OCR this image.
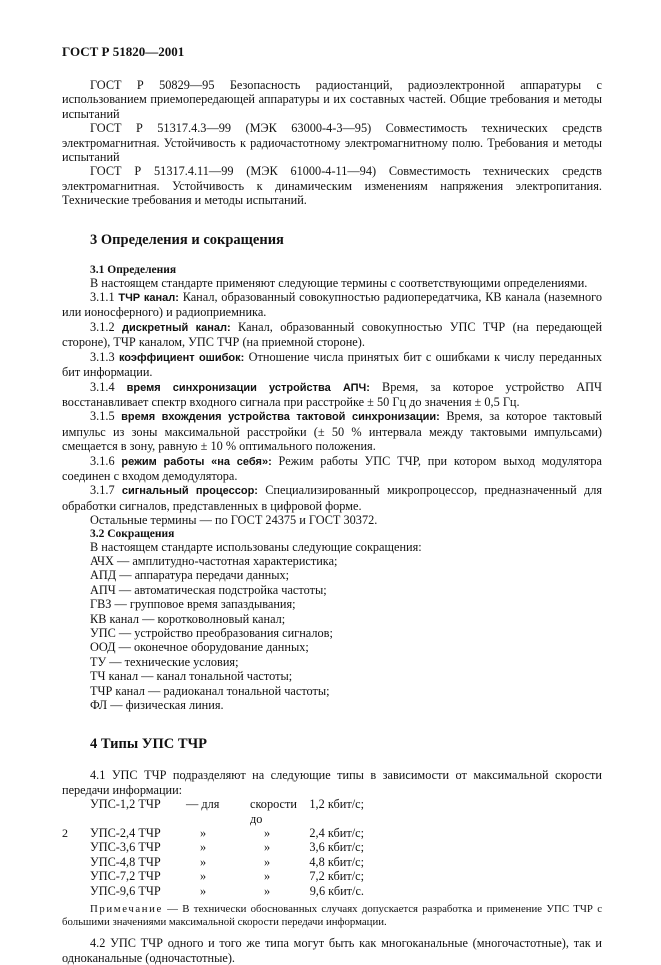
ГОСТ Р 51820—2001

ГОСТ Р 50829—95 Безопасность радиостанций, радиоэлектронной аппаратуры с использованием приемопередающей аппаратуры и их составных частей. Общие требования и методы испытаний

ГОСТ Р 51317.4.3—99 (МЭК 63000-4-3—95) Совместимость технических средств электромагнитная. Устойчивость к радиочастотному электромагнитному полю. Требования и методы испытаний

ГОСТ Р 51317.4.11—99 (МЭК 61000-4-11—94) Совместимость технических средств электромагнитная. Устойчивость к динамическим изменениям напряжения электропитания. Технические требования и методы испытаний.

3 Определения и сокращения
3.1 Определения

В настоящем стандарте применяют следующие термины с соответствующими определениями.

3.1.1 ТЧР канал: Канал, образованный совокупностью радиопередатчика, КВ канала (наземного или ионосферного) и радиоприемника.

3.1.2 дискретный канал: Канал, образованный совокупностью УПС ТЧР (на передающей стороне), ТЧР каналом, УПС ТЧР (на приемной стороне).

3.1.3 коэффициент ошибок: Отношение числа принятых бит с ошибками к числу переданных бит информации.

3.1.4 время синхронизации устройства АПЧ: Время, за которое устройство АПЧ восстанавливает спектр входного сигнала при расстройке ± 50 Гц до значения ± 0,5 Гц.

3.1.5 время вхождения устройства тактовой синхронизации: Время, за которое тактовый импульс из зоны максимальной расстройки (± 50 % интервала между тактовыми импульсами) смещается в зону, равную ± 10 % оптимального положения.

3.1.6 режим работы «на себя»: Режим работы УПС ТЧР, при котором выход модулятора соединен с входом демодулятора.

3.1.7 сигнальный процессор: Специализированный микропроцессор, предназначенный для обработки сигналов, представленных в цифровой форме.

Остальные термины — по ГОСТ 24375 и ГОСТ 30372.

3.2 Сокращения

В настоящем стандарте использованы следующие сокращения:

АЧХ — амплитудно-частотная характеристика;

АПД — аппаратура передачи данных;

АПЧ — автоматическая подстройка частоты;

ГВЗ — групповое время запаздывания;

КВ канал — коротковолновый канал;

УПС — устройство преобразования сигналов;

ООД — оконечное оборудование данных;

ТУ — технические условия;

ТЧ канал — канал тональной частоты;

ТЧР канал — радиоканал тональной частоты;

ФЛ — физическая линия.

4 Типы УПС ТЧР

4.1 УПС ТЧР подразделяют на следующие типы в зависимости от максимальной скорости передачи информации:

УПС-1,2 ТЧР	— для	скорости до	1,2 кбит/с;
УПС-2,4 ТЧР	»	»	2,4 кбит/с;
УПС-3,6 ТЧР	»	»	3,6 кбит/с;
УПС-4,8 ТЧР	»	»	4,8 кбит/с;
УПС-7,2 ТЧР	»	»	7,2 кбит/с;
УПС-9,6 ТЧР	»	»	9,6 кбит/с.

Примечание — В технически обоснованных случаях допускается разработка и применение УПС ТЧР с большими значениями максимальной скорости передачи информации.

4.2 УПС ТЧР одного и того же типа могут быть как многоканальные (многочастотные), так и одноканальные (одночастотные).

2
